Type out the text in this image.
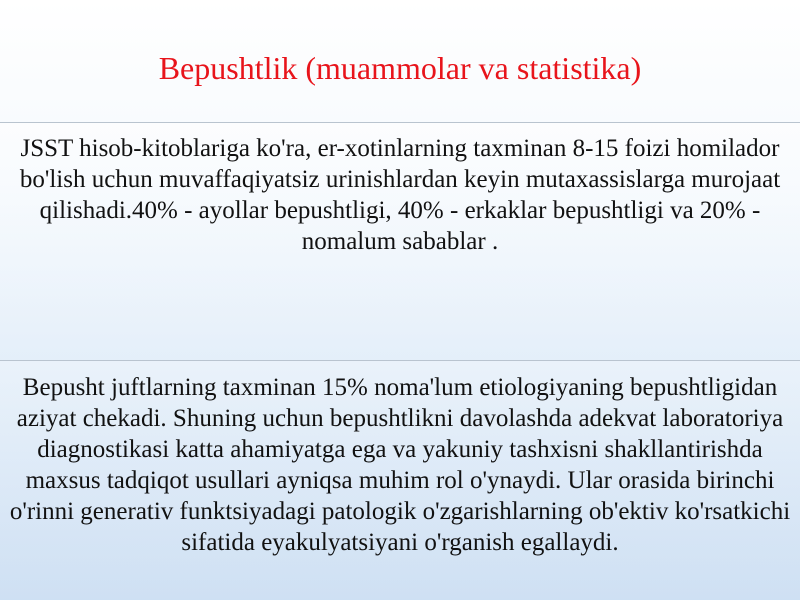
Bepushtlik (muammolar va statistika)

JSST hisob-kitoblariga ko'ra, er-xotinlarning taxminan 8-15 foizi homilador bo'lish uchun muvaffaqiyatsiz urinishlardan keyin mutaxassislarga murojaat qilishadi.40% - ayollar bepushtligi, 40% - erkaklar bepushtligi va 20% - nomalum sabablar .

Bepusht juftlarning taxminan 15% noma'lum etiologiyaning bepushtligidan aziyat chekadi. Shuning uchun bepushtlikni davolashda adekvat laboratoriya diagnostikasi katta ahamiyatga ega va yakuniy tashxisni shakllantirishda maxsus tadqiqot usullari ayniqsa muhim rol o'ynaydi. Ular orasida birinchi o'rinni generativ funktsiyadagi patologik o'zgarishlarning ob'ektiv ko'rsatkichi sifatida eyakulyatsiyani o'rganish egallaydi.
